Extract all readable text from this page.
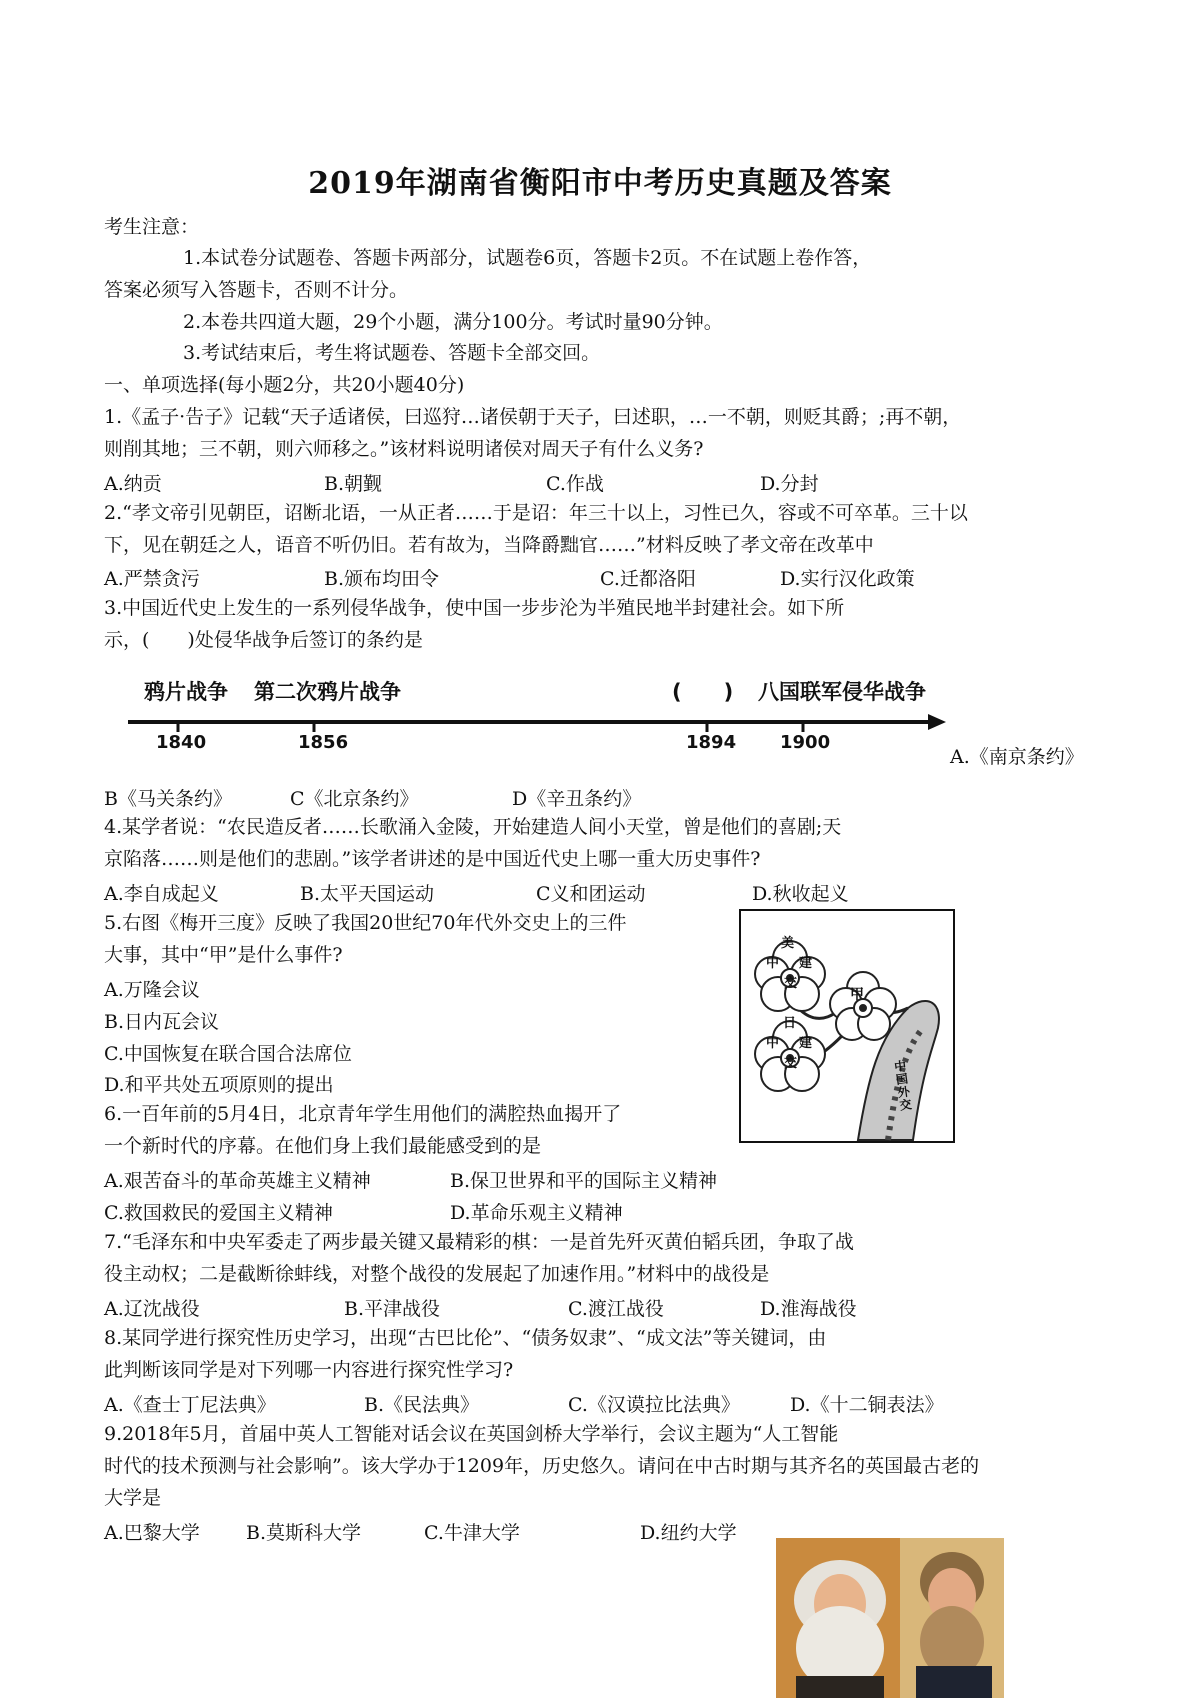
2019年湖南省衡阳市中考历史真题及答案
考生注意：
1.本试卷分试题卷、答题卡两部分，试题卷6页，答题卡2页。不在试题上卷作答，
答案必须写入答题卡，否则不计分。
2.本卷共四道大题，29个小题，满分100分。考试时量90分钟。
3.考试结束后，考生将试题卷、答题卡全部交回。
一、单项选择(每小题2分，共20小题40分)
1.《孟子·告子》记载“天子适诸侯，曰巡狩…诸侯朝于天子，曰述职，…一不朝，则贬其爵；;再不朝，
则削其地；三不朝，则六师移之。”该材料说明诸侯对周天子有什么义务?
A.纳贡	B.朝觐	C.作战	D.分封
2.“孝文帝引见朝臣，诏断北语，一从正者……于是诏：年三十以上，习性已久，容或不可卒革。三十以
下，见在朝廷之人，语音不听仍旧。若有故为，当降爵黜官……”材料反映了孝文帝在改革中
A.严禁贪污	B.颁布均田令	C.迁都洛阳	D.实行汉化政策
3.中国近代史上发生的一系列侵华战争，使中国一步步沦为半殖民地半封建社会。如下所
示，(　　)处侵华战争后签订的条约是
鸦片战争 第二次鸦片战争	(　　) 八国联军侵华战争
1840	1856	1894 1900
A.《南京条约》
B《马关条约》	C《北京条约》	D《辛丑条约》
4.某学者说：“农民造反者……长歌涌入金陵，开始建造人间小天堂，曾是他们的喜剧;天
京陷落……则是他们的悲剧。”该学者讲述的是中国近代史上哪一重大历史事件?
A.李自成起义	B.太平天国运动	C义和团运动	D.秋收起义
5.右图《梅开三度》反映了我国20世纪70年代外交史上的三件
大事，其中“甲”是什么事件?
A.万隆会议
B.日内瓦会议
C.中国恢复在联合国合法席位
D.和平共处五项原则的提出
美
中 建
交
甲
日
中 建
交	中国外交
6.一百年前的5月4日，北京青年学生用他们的满腔热血揭开了
一个新时代的序幕。在他们身上我们最能感受到的是
A.艰苦奋斗的革命英雄主义精神	B.保卫世界和平的国际主义精神
C.救国救民的爱国主义精神	D.革命乐观主义精神
7.“毛泽东和中央军委走了两步最关键又最精彩的棋：一是首先歼灭黄伯韬兵团，争取了战
役主动权；二是截断徐蚌线，对整个战役的发展起了加速作用。”材料中的战役是
A.辽沈战役	B.平津战役	C.渡江战役	D.淮海战役
8.某同学进行探究性历史学习，出现“古巴比伦”、“债务奴隶”、“成文法”等关键词，由
此判断该同学是对下列哪一内容进行探究性学习?
A.《查士丁尼法典》	B.《民法典》	C.《汉谟拉比法典》	D.《十二铜表法》
9.2018年5月，首届中英人工智能对话会议在英国剑桥大学举行，会议主题为“人工智能
时代的技术预测与社会影响”。该大学办于1209年，历史悠久。请问在中古时期与其齐名的英国最古老的
大学是
A.巴黎大学 B.莫斯科大学	C.牛津大学	D.纽约大学
